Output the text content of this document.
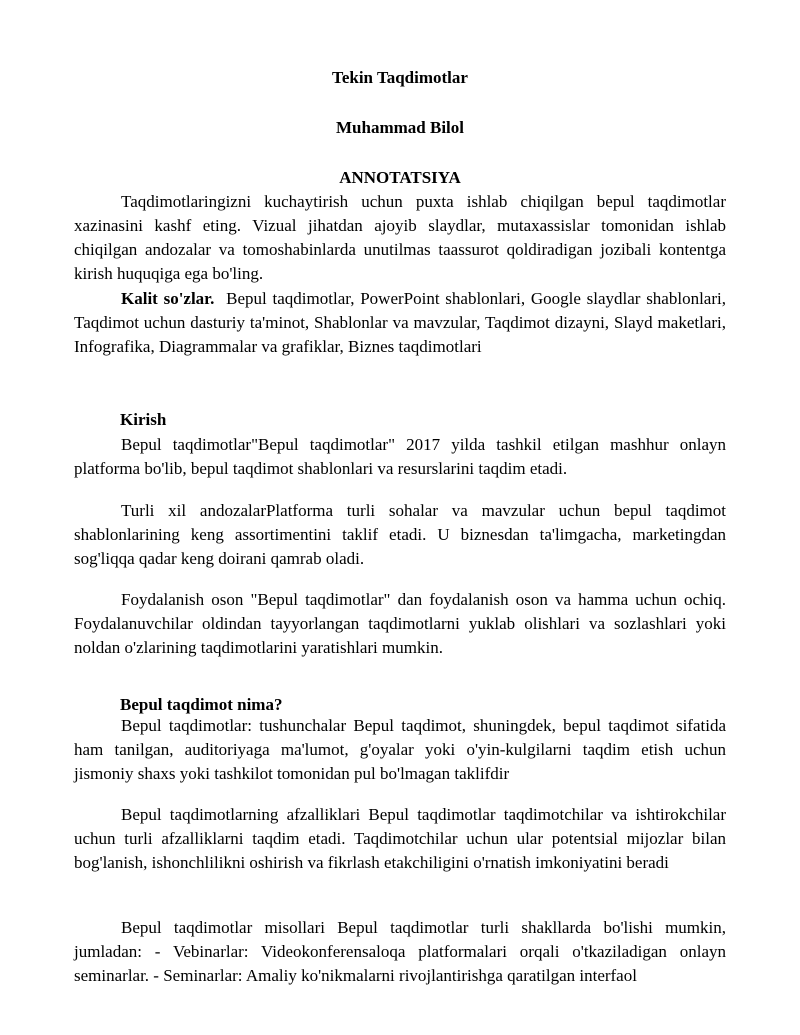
Tekin Taqdimotlar
Muhammad Bilol
ANNOTATSIYA
Taqdimotlaringizni kuchaytirish uchun puxta ishlab chiqilgan bepul taqdimotlar xazinasini kashf eting. Vizual jihatdan ajoyib slaydlar, mutaxassislar tomonidan ishlab chiqilgan andozalar va tomoshabinlarda unutilmas taassurot qoldiradigan jozibali kontentga kirish huquqiga ega bo'ling.
Kalit so'zlar. Bepul taqdimotlar, PowerPoint shablonlari, Google slaydlar shablonlari, Taqdimot uchun dasturiy ta'minot, Shablonlar va mavzular, Taqdimot dizayni, Slayd maketlari, Infografika, Diagrammalar va grafiklar, Biznes taqdimotlari
Kirish
Bepul taqdimotlar"Bepul taqdimotlar" 2017 yilda tashkil etilgan mashhur onlayn platforma bo'lib, bepul taqdimot shablonlari va resurslarini taqdim etadi.
Turli xil andozalarPlatforma turli sohalar va mavzular uchun bepul taqdimot shablonlarining keng assortimentini taklif etadi. U biznesdan ta'limgacha, marketingdan sog'liqqa qadar keng doirani qamrab oladi.
Foydalanish oson "Bepul taqdimotlar" dan foydalanish oson va hamma uchun ochiq. Foydalanuvchilar oldindan tayyorlangan taqdimotlarni yuklab olishlari va sozlashlari yoki noldan o'zlarining taqdimotlarini yaratishlari mumkin.
Bepul taqdimot nima?
Bepul taqdimotlar: tushunchalar Bepul taqdimot, shuningdek, bepul taqdimot sifatida ham tanilgan, auditoriyaga ma'lumot, g'oyalar yoki o'yin-kulgilarni taqdim etish uchun jismoniy shaxs yoki tashkilot tomonidan pul bo'lmagan taklifdir
Bepul taqdimotlarning afzalliklari Bepul taqdimotlar taqdimotchilar va ishtirokchilar uchun turli afzalliklarni taqdim etadi. Taqdimotchilar uchun ular potentsial mijozlar bilan bog'lanish, ishonchlilikni oshirish va fikrlash etakchiligini o'rnatish imkoniyatini beradi
Bepul taqdimotlar misollari Bepul taqdimotlar turli shakllarda bo'lishi mumkin, jumladan: - Vebinarlar: Videokonferensaloqa platformalari orqali o'tkaziladigan onlayn seminarlar. - Seminarlar: Amaliy ko'nikmalarni rivojlantirishga qaratilgan interfaol
